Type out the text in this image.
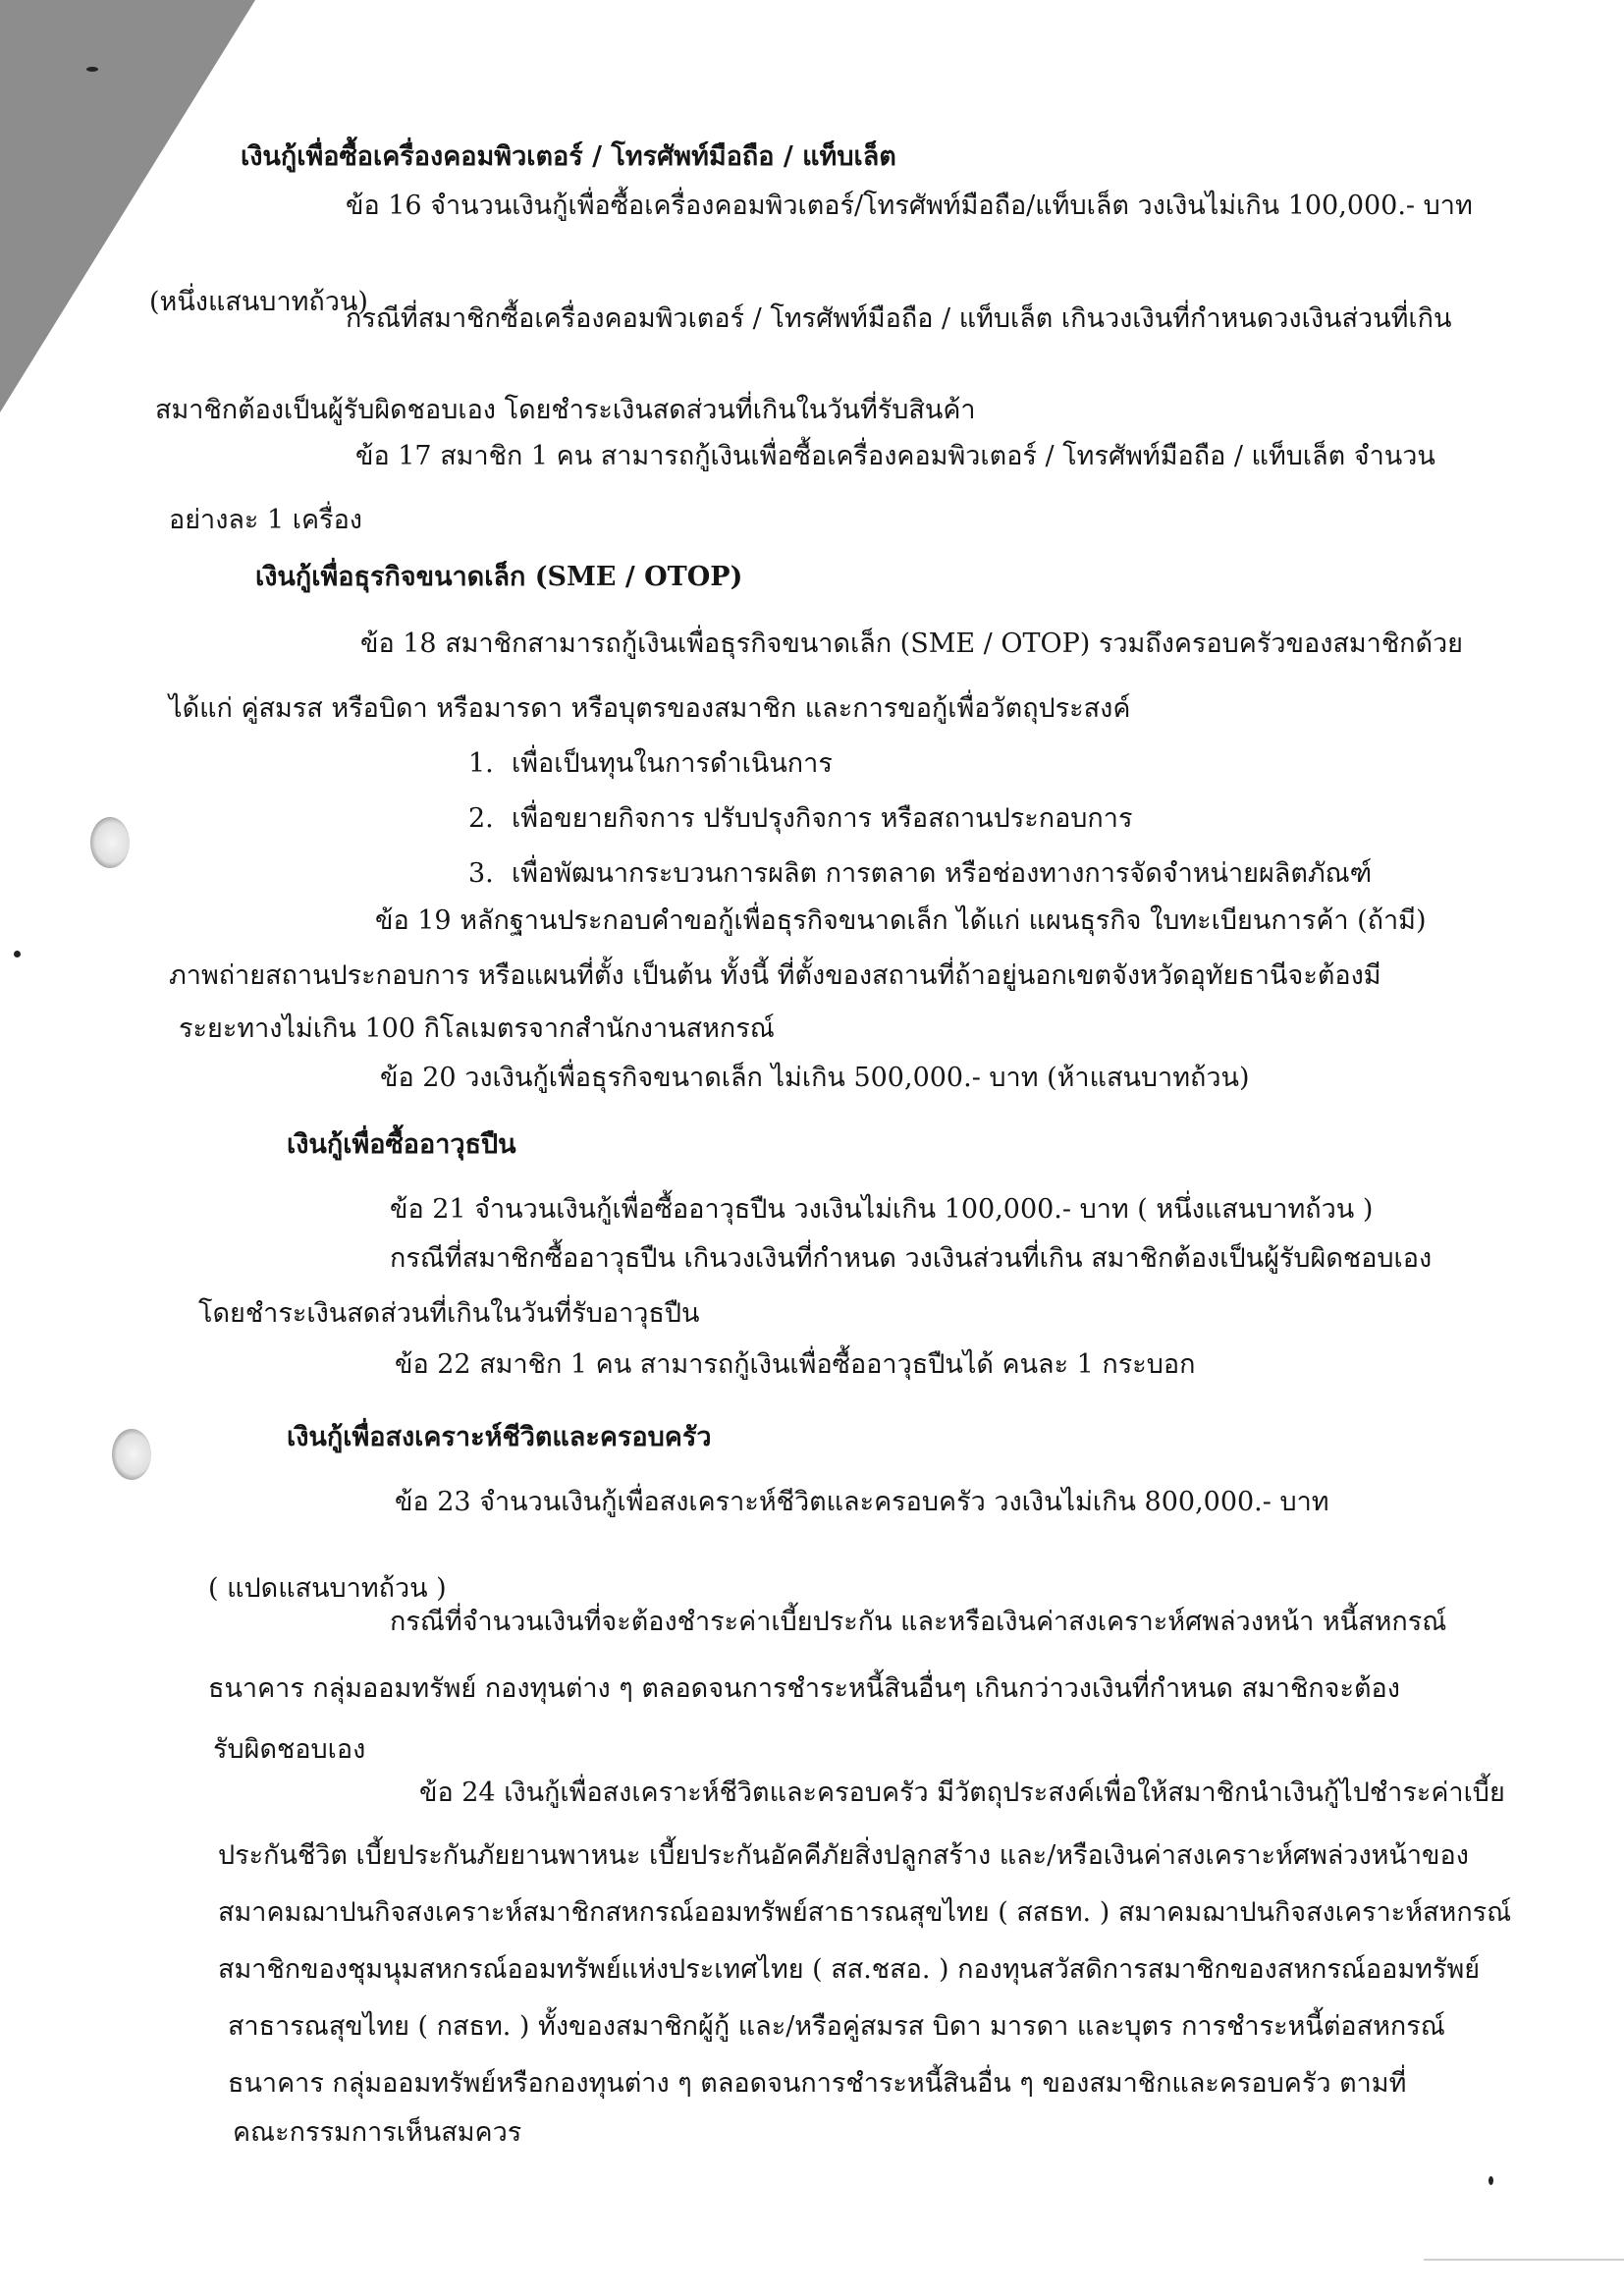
เงินกู้เพื่อซื้อเครื่องคอมพิวเตอร์ / โทรศัพท์มือถือ / แท็บเล็ต
ข้อ 16 จำนวนเงินกู้เพื่อซื้อเครื่องคอมพิวเตอร์/โทรศัพท์มือถือ/แท็บเล็ต วงเงินไม่เกิน 100,000.- บาท
(หนึ่งแสนบาทถ้วน)
กรณีที่สมาชิกซื้อเครื่องคอมพิวเตอร์ / โทรศัพท์มือถือ / แท็บเล็ต เกินวงเงินที่กำหนดวงเงินส่วนที่เกิน
สมาชิกต้องเป็นผู้รับผิดชอบเอง โดยชำระเงินสดส่วนที่เกินในวันที่รับสินค้า
ข้อ 17 สมาชิก 1 คน สามารถกู้เงินเพื่อซื้อเครื่องคอมพิวเตอร์ / โทรศัพท์มือถือ / แท็บเล็ต จำนวน
อย่างละ 1 เครื่อง
เงินกู้เพื่อธุรกิจขนาดเล็ก (SME / OTOP)
ข้อ 18 สมาชิกสามารถกู้เงินเพื่อธุรกิจขนาดเล็ก (SME / OTOP) รวมถึงครอบครัวของสมาชิกด้วย
ได้แก่ คู่สมรส หรือบิดา หรือมารดา หรือบุตรของสมาชิก และการขอกู้เพื่อวัตถุประสงค์
1. เพื่อเป็นทุนในการดำเนินการ
2. เพื่อขยายกิจการ ปรับปรุงกิจการ หรือสถานประกอบการ
3. เพื่อพัฒนากระบวนการผลิต การตลาด หรือช่องทางการจัดจำหน่ายผลิตภัณฑ์
ข้อ 19 หลักฐานประกอบคำขอกู้เพื่อธุรกิจขนาดเล็ก ได้แก่ แผนธุรกิจ ใบทะเบียนการค้า (ถ้ามี)
ภาพถ่ายสถานประกอบการ หรือแผนที่ตั้ง เป็นต้น ทั้งนี้ ที่ตั้งของสถานที่ถ้าอยู่นอกเขตจังหวัดอุทัยธานีจะต้องมี
ระยะทางไม่เกิน 100 กิโลเมตรจากสำนักงานสหกรณ์
ข้อ 20 วงเงินกู้เพื่อธุรกิจขนาดเล็ก ไม่เกิน 500,000.- บาท (ห้าแสนบาทถ้วน)
เงินกู้เพื่อซื้ออาวุธปืน
ข้อ 21 จำนวนเงินกู้เพื่อซื้ออาวุธปืน วงเงินไม่เกิน 100,000.- บาท ( หนึ่งแสนบาทถ้วน )
กรณีที่สมาชิกซื้ออาวุธปืน เกินวงเงินที่กำหนด วงเงินส่วนที่เกิน สมาชิกต้องเป็นผู้รับผิดชอบเอง
โดยชำระเงินสดส่วนที่เกินในวันที่รับอาวุธปืน
ข้อ 22 สมาชิก 1 คน สามารถกู้เงินเพื่อซื้ออาวุธปืนได้ คนละ 1 กระบอก
เงินกู้เพื่อสงเคราะห์ชีวิตและครอบครัว
ข้อ 23 จำนวนเงินกู้เพื่อสงเคราะห์ชีวิตและครอบครัว วงเงินไม่เกิน 800,000.- บาท
( แปดแสนบาทถ้วน )
กรณีที่จำนวนเงินที่จะต้องชำระค่าเบี้ยประกัน และหรือเงินค่าสงเคราะห์ศพล่วงหน้า หนี้สหกรณ์
ธนาคาร กลุ่มออมทรัพย์ กองทุนต่าง ๆ ตลอดจนการชำระหนี้สินอื่นๆ เกินกว่าวงเงินที่กำหนด สมาชิกจะต้อง
รับผิดชอบเอง
ข้อ 24 เงินกู้เพื่อสงเคราะห์ชีวิตและครอบครัว มีวัตถุประสงค์เพื่อให้สมาชิกนำเงินกู้ไปชำระค่าเบี้ย
ประกันชีวิต เบี้ยประกันภัยยานพาหนะ เบี้ยประกันอัคคีภัยสิ่งปลูกสร้าง และ/หรือเงินค่าสงเคราะห์ศพล่วงหน้าของ
สมาคมฌาปนกิจสงเคราะห์สมาชิกสหกรณ์ออมทรัพย์สาธารณสุขไทย ( สสธท. ) สมาคมฌาปนกิจสงเคราะห์สหกรณ์
สมาชิกของชุมนุมสหกรณ์ออมทรัพย์แห่งประเทศไทย ( สส.ชสอ. ) กองทุนสวัสดิการสมาชิกของสหกรณ์ออมทรัพย์
สาธารณสุขไทย ( กสธท. ) ทั้งของสมาชิกผู้กู้ และ/หรือคู่สมรส บิดา มารดา และบุตร การชำระหนี้ต่อสหกรณ์
ธนาคาร กลุ่มออมทรัพย์หรือกองทุนต่าง ๆ ตลอดจนการชำระหนี้สินอื่น ๆ ของสมาชิกและครอบครัว ตามที่
คณะกรรมการเห็นสมควร
